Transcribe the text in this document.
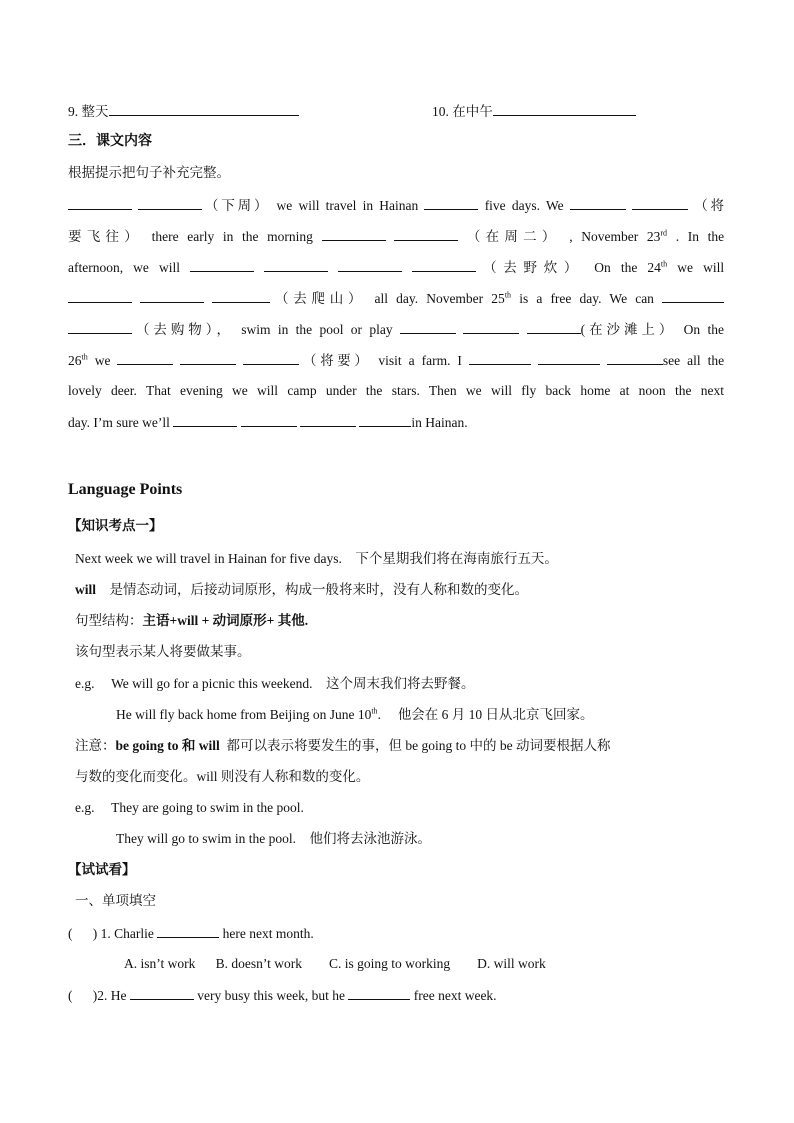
9. 整天	10. 在中午
三．课文内容
根据提示把句子补充完整。
（下周） we will travel in Hainan	five days. We	（将
要飞往） there early in the morning	（在周二） , November 23rd . In the
afternoon, we will	（去野炊） On the 24th we will
（去爬山） all day. November 25th is a free day. We can
（去购物）， swim in the pool or play	(在沙滩上） On the
26th we	（将要） visit a farm. I	see all the
lovely deer. That evening we will camp under the stars. Then we will fly back home at noon the next
day. I’m sure we’ll	in Hainan.
Language Points
【知识考点一】
Next week we will travel in Hainan for five days. 下个星期我们将在海南旅行五天。
will 是情态动词，后接动词原形，构成一般将来时，没有人称和数的变化。
句型结构：主语+will + 动词原形+ 其他.
该句型表示某人将要做某事。
e.g. We will go for a picnic this weekend. 这个周末我们将去野餐。
He will fly back home from Beijing on June 10th. 他会在 6 月 10 日从北京飞回家。
注意：be going to 和 will 都可以表示将要发生的事，但 be going to 中的 be 动词要根据人称
与数的变化而变化。will 则没有人称和数的变化。
e.g. They are going to swim in the pool.
They will go to swim in the pool. 他们将去泳池游泳。
【试试看】
一、单项填空
(      ) 1. Charlie	here next month.
A. isn’t work B. doesn’t work C. is going to working D. will work
(      )2. He	very busy this week, but he	free next week.
